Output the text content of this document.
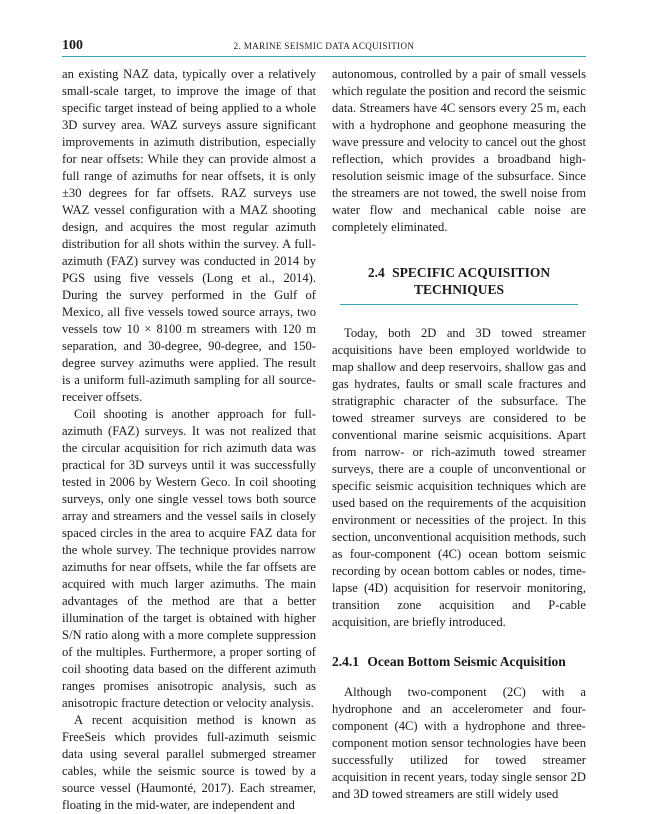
100	2. MARINE SEISMIC DATA ACQUISITION

an existing NAZ data, typically over a relatively small-scale target, to improve the image of that specific target instead of being applied to a whole 3D survey area. WAZ surveys assure significant improvements in azimuth distribution, especially for near offsets: While they can provide almost a full range of azimuths for near offsets, it is only ±30 degrees for far offsets. RAZ surveys use WAZ vessel configuration with a MAZ shooting design, and acquires the most regular azimuth distribution for all shots within the survey. A full-azimuth (FAZ) survey was conducted in 2014 by PGS using five vessels (Long et al., 2014). During the survey performed in the Gulf of Mexico, all five vessels towed source arrays, two vessels tow 10 × 8100 m streamers with 120 m separation, and 30-degree, 90-degree, and 150-degree survey azimuths were applied. The result is a uniform full-azimuth sampling for all source-receiver offsets.

Coil shooting is another approach for full-azimuth (FAZ) surveys. It was not realized that the circular acquisition for rich azimuth data was practical for 3D surveys until it was successfully tested in 2006 by Western Geco. In coil shooting surveys, only one single vessel tows both source array and streamers and the vessel sails in closely spaced circles in the area to acquire FAZ data for the whole survey. The technique provides narrow azimuths for near offsets, while the far offsets are acquired with much larger azimuths. The main advantages of the method are that a better illumination of the target is obtained with higher S/N ratio along with a more complete suppression of the multiples. Furthermore, a proper sorting of coil shooting data based on the different azimuth ranges promises anisotropic analysis, such as anisotropic fracture detection or velocity analysis.

A recent acquisition method is known as FreeSeis which provides full-azimuth seismic data using several parallel submerged streamer cables, while the seismic source is towed by a source vessel (Haumonté, 2017). Each streamer, floating in the mid-water, are independent and

autonomous, controlled by a pair of small vessels which regulate the position and record the seismic data. Streamers have 4C sensors every 25 m, each with a hydrophone and geophone measuring the wave pressure and velocity to cancel out the ghost reflection, which provides a broadband high-resolution seismic image of the subsurface. Since the streamers are not towed, the swell noise from water flow and mechanical cable noise are completely eliminated.

2.4 SPECIFIC ACQUISITION TECHNIQUES

Today, both 2D and 3D towed streamer acquisitions have been employed worldwide to map shallow and deep reservoirs, shallow gas and gas hydrates, faults or small scale fractures and stratigraphic character of the subsurface. The towed streamer surveys are considered to be conventional marine seismic acquisitions. Apart from narrow- or rich-azimuth towed streamer surveys, there are a couple of unconventional or specific seismic acquisition techniques which are used based on the requirements of the acquisition environment or necessities of the project. In this section, unconventional acquisition methods, such as four-component (4C) ocean bottom seismic recording by ocean bottom cables or nodes, time-lapse (4D) acquisition for reservoir monitoring, transition zone acquisition and P-cable acquisition, are briefly introduced.

2.4.1 Ocean Bottom Seismic Acquisition

Although two-component (2C) with a hydrophone and an accelerometer and four-component (4C) with a hydrophone and three-component motion sensor technologies have been successfully utilized for towed streamer acquisition in recent years, today single sensor 2D and 3D towed streamers are still widely used
